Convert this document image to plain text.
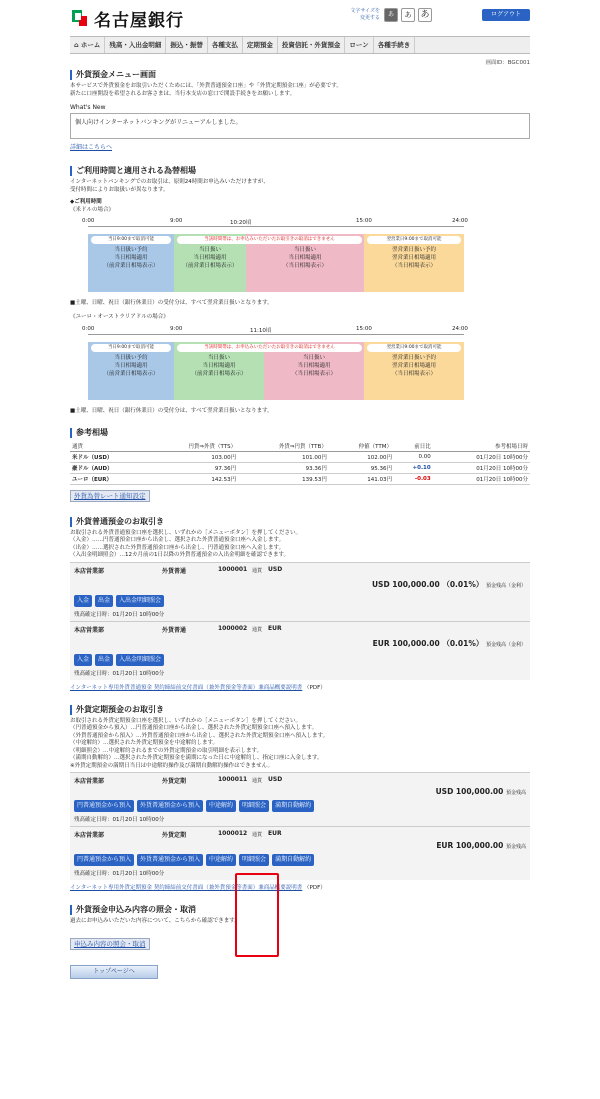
名古屋銀行	文字サイズを変更する	あ	あ あ	ログアウト
⌂ ホーム	残高・入出金明細	振込・振替	各種支払	定期預金	投資信託・外貨預金	ローン	各種手続き
画面ID：BGC001
外貨預金メニュー画面

本サービスで外貨預金をお取引いただくためには、「外貨普通預金口座」や「外貨定期預金口座」が必要です。

新たに口座開設を希望されるお客さまは、当行本支店の窓口で開設手続きをお願いします。

What's New
個人向けインターネットバンキングがリニューアルしました。
詳細はこちらへ
ご利用時間と適用される為替相場

インターネットバンキングでのお取引は、原則24時間お申込みいただけますが、

受付時間によりお取扱いが異なります。

◆ご利用時間

《米ドルの場合》

0:00	9:00	10:20頃	15:00	24:00
当日9:00まで取消可能
当日扱い予約
当日相場適用
（前営業日相場表示）
当該時間帯は、お申込みいただいたお取引きの取消はできません
当日扱い
当日相場適用
（前営業日相場表示）
当日扱い
当日相場適用
（当日相場表示）
翌営業日9:00まで取消可能
翌営業日扱い予約
翌営業日相場適用
（当日相場表示）

■土曜、日曜、祝日（銀行休業日）の受付分は、すべて翌営業日扱いとなります。

《ユーロ・オーストラリアドルの場合》

0:00	9:00	11:10頃	15:00	24:00
当日9:00まで取消可能
当日扱い予約
当日相場適用
（前営業日相場表示）
当該時間帯は、お申込みいただいたお取引きの取消はできません
当日扱い
当日相場適用
（前営業日相場表示）
当日扱い
当日相場適用
（当日相場表示）
翌営業日9:00まで取消可能
翌営業日扱い予約
翌営業日相場適用
（当日相場表示）

■土曜、日曜、祝日（銀行休業日）の受付分は、すべて翌営業日扱いとなります。

参考相場
通貨	円貨⇒外貨（TTS）	外貨⇒円貨（TTB）	仲値（TTM）	前日比	参考相場日時
米ドル（USD）	103.00円	101.00円	102.00円	0.00	01月20日 10時00分
豪ドル（AUD）	97.36円	93.36円	95.36円	+0.10	01月20日 10時00分
ユーロ（EUR）	142.53円	139.53円	141.03円	-0.03	01月20日 10時00分
外貨為替レート通知設定
外貨普通預金のお取引き

お取引される外貨普通預金口座を選択し、いずれかの［メニューボタン］を押してください。

（入金）……円普通預金口座から出金し、選択された外貨普通預金口座へ入金します。

（出金）……選択された外貨普通預金口座から出金し、円普通預金口座へ入金します。

（入出金明細照会）…12カ月前の1日以降の外貨普通預金の入出金明細を確認できます。

本店営業部	外貨普通	1000001 通貨 USD
USD 100,000.00 （0.01%） 預金残高（金利）
入金	出金	入出金明細照会
残高確定日時：01月20日 10時00分
本店営業部	外貨普通	1000002 通貨 EUR
EUR 100,000.00 （0.01%） 預金残高（金利）
入金	出金	入出金明細照会
残高確定日時：01月20日 10時00分
インターネット専用外貨普通預金 契約締結前交付書面（兼外貨預金等書面）兼商品概要説明書 （PDF）
外貨定期預金のお取引き

お取引される外貨定期預金口座を選択し、いずれかの［メニューボタン］を押してください。

（円普通預金から預入）…円普通預金口座から出金し、選択された外貨定期預金口座へ預入します。

（外貨普通預金から預入）…外貨普通預金口座から出金し、選択された外貨定期預金口座へ預入します。

（中途解約）…選択された外貨定期預金を中途解約します。

（明細照会）…中途解約されるまでの外貨定期預金の取引明細を表示します。

（満期自動解約）…選択された外貨定期預金を満期になった日に中途解約し、指定口座に入金します。

※外貨定期預金の満期日当日は中途解約操作及び満期自動解約操作はできません。

本店営業部	外貨定期	1000011 通貨 USD
USD 100,000.00 預金残高
円普通預金から預入	外貨普通預金から預入	中途解約	明細照会	満期自動解約
残高確定日時：01月20日 10時00分
本店営業部	外貨定期	1000012 通貨 EUR
EUR 100,000.00 預金残高
円普通預金から預入	外貨普通預金から預入	中途解約	明細照会	満期自動解約
残高確定日時：01月20日 10時00分
インターネット専用外貨定期預金 契約締結前交付書面（兼外貨預金等書面）兼商品概要説明書 （PDF）
外貨預金申込み内容の照会・取消

過去にお申込みいただいた内容について、こちらから確認できます。

申込み内容の照会・取消
トップページへ
